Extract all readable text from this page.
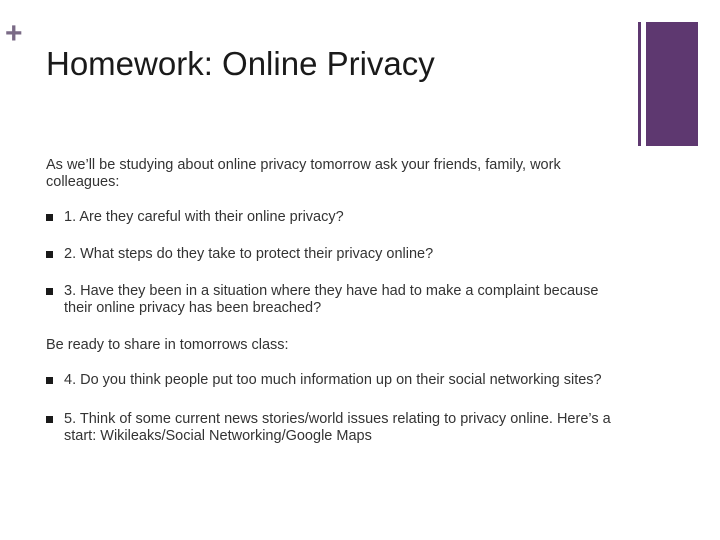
+
Homework: Online Privacy

As we’ll be studying about online privacy tomorrow ask your friends, family, work colleagues:

1. Are they careful with their online privacy?
2. What steps do they take to protect their privacy online?
3. Have they been in a situation where they have had to make a complaint because their online privacy has been breached?

Be ready to share in tomorrows class:

4. Do you think people put too much information up on their social networking sites?
5. Think of some current news stories/world issues relating to privacy online. Here’s a start: Wikileaks/Social Networking/Google Maps
